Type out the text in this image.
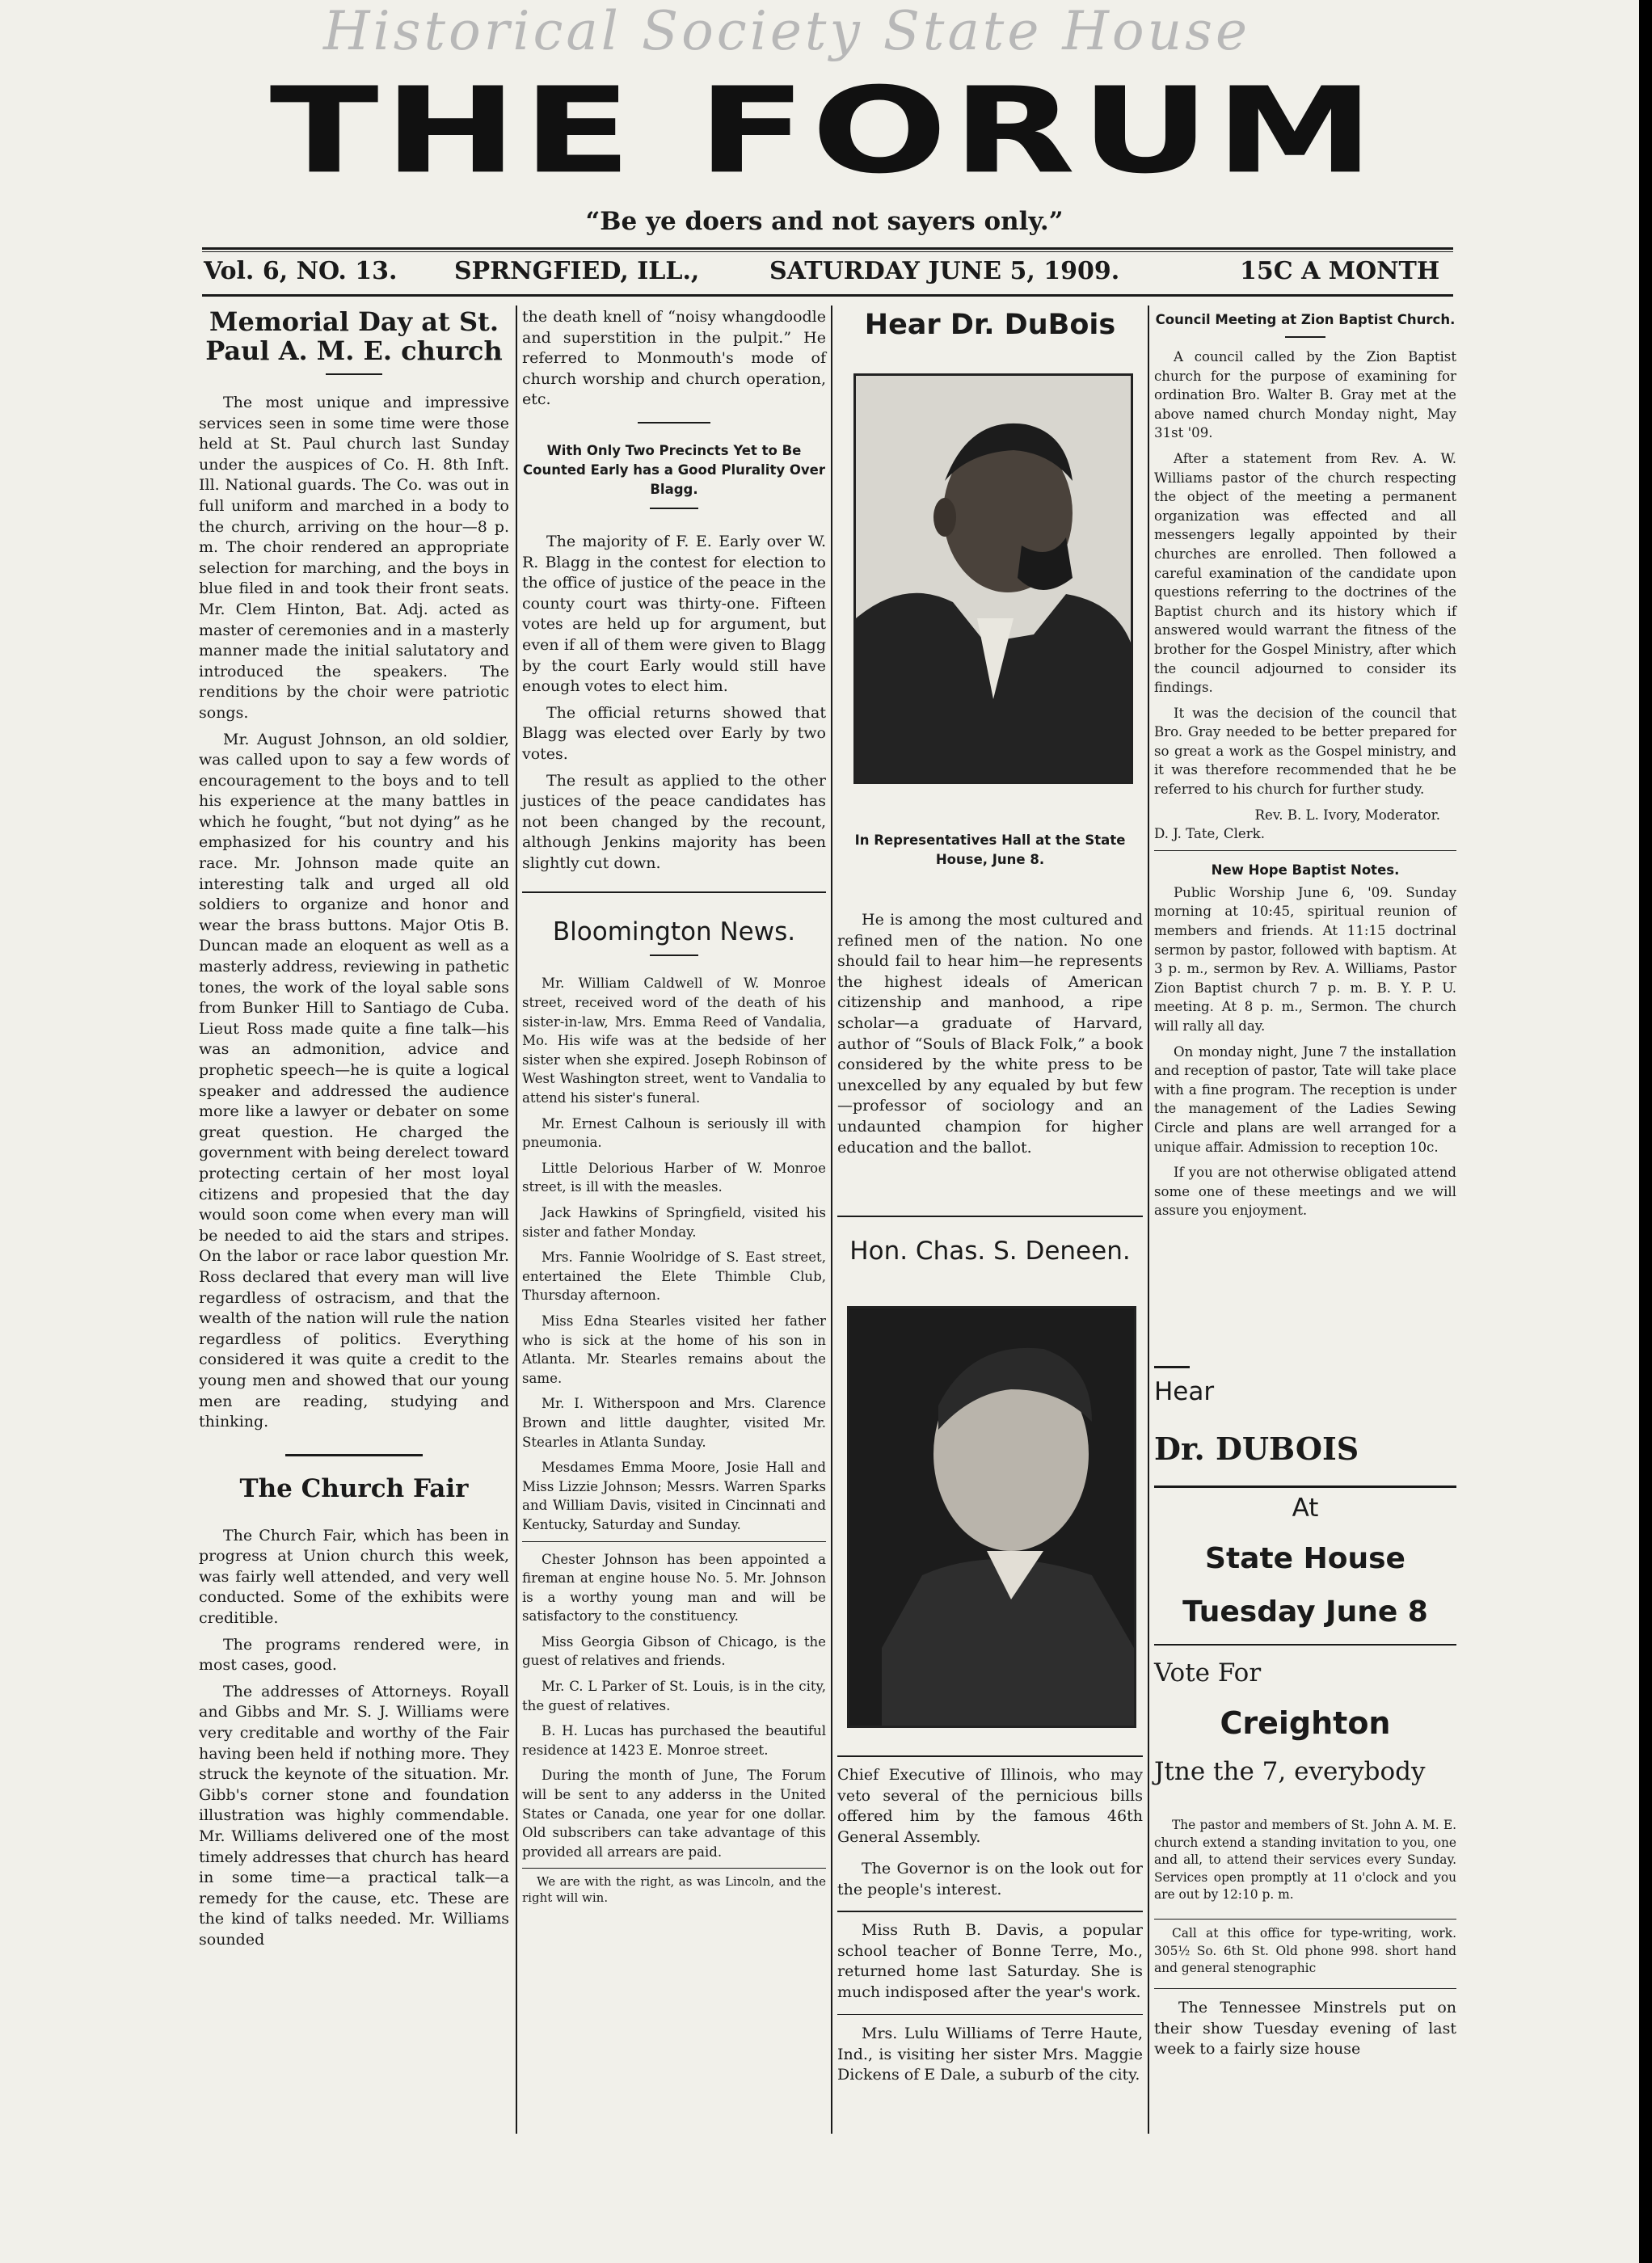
Historical Society State House
THE FORUM
“Be ye doers and not sayers only.”
Vol. 6, NO. 13. SPRNGFIED, ILL.,	SATURDAY JUNE 5, 1909.	15C A MONTH
Memorial Day at St. Paul A. M. E. church

The most unique and impressive services seen in some time were those held at St. Paul church last Sunday under the auspices of Co. H. 8th Inft. Ill. National guards. The Co. was out in full uniform and marched in a body to the church, arriving on the hour—8 p. m. The choir rendered an appropriate selection for marching, and the boys in blue filed in and took their front seats. Mr. Clem Hinton, Bat. Adj. acted as master of ceremonies and in a masterly manner made the initial salutatory and introduced the speakers. The renditions by the choir were patriotic songs.

Mr. August Johnson, an old soldier, was called upon to say a few words of encouragement to the boys and to tell his experience at the many battles in which he fought, “but not dying” as he emphasized for his country and his race. Mr. Johnson made quite an interesting talk and urged all old soldiers to organize and honor and wear the brass buttons. Major Otis B. Duncan made an eloquent as well as a masterly address, reviewing in pathetic tones, the work of the loyal sable sons from Bunker Hill to Santiago de Cuba. Lieut Ross made quite a fine talk—his was an admonition, advice and prophetic speech—he is quite a logical speaker and addressed the audience more like a lawyer or debater on some great question. He charged the government with being derelect toward protecting certain of her most loyal citizens and propesied that the day would soon come when every man will be needed to aid the stars and stripes. On the labor or race labor question Mr. Ross declared that every man will live regardless of ostracism, and that the wealth of the nation will rule the nation regardless of politics. Everything considered it was quite a credit to the young men and showed that our young men are reading, studying and thinking.

The Church Fair

The Church Fair, which has been in progress at Union church this week, was fairly well attended, and very well conducted. Some of the exhibits were creditible.

The programs rendered were, in most cases, good.

The addresses of Attorneys. Royall and Gibbs and Mr. S. J. Williams were very creditable and worthy of the Fair having been held if nothing more. They struck the keynote of the situation. Mr. Gibb's corner stone and foundation illustration was highly commendable. Mr. Williams delivered one of the most timely addresses that church has heard in some time—a practical talk—a remedy for the cause, etc. These are the kind of talks needed. Mr. Williams sounded

the death knell of “noisy whangdoodle and superstition in the pulpit.” He referred to Monmouth's mode of church worship and church operation, etc.
With Only Two Precincts Yet to Be Counted Early has a Good Plurality Over Blagg.

The majority of F. E. Early over W. R. Blagg in the contest for election to the office of justice of the peace in the county court was thirty-one. Fifteen votes are held up for argument, but even if all of them were given to Blagg by the court Early would still have enough votes to elect him.

The official returns showed that Blagg was elected over Early by two votes.

The result as applied to the other justices of the peace candidates has not been changed by the recount, although Jenkins majority has been slightly cut down.

Bloomington News.

Mr. William Caldwell of W. Monroe street, received word of the death of his sister-in-law, Mrs. Emma Reed of Vandalia, Mo. His wife was at the bedside of her sister when she expired. Joseph Robinson of West Washington street, went to Vandalia to attend his sister's funeral.

Mr. Ernest Calhoun is seriously ill with pneumonia.

Little Delorious Harber of W. Monroe street, is ill with the measles.

Jack Hawkins of Springfield, visited his sister and father Monday.

Mrs. Fannie Woolridge of S. East street, entertained the Elete Thimble Club, Thursday afternoon.

Miss Edna Stearles visited her father who is sick at the home of his son in Atlanta. Mr. Stearles remains about the same.

Mr. I. Witherspoon and Mrs. Clarence Brown and little daughter, visited Mr. Stearles in Atlanta Sunday.

Mesdames Emma Moore, Josie Hall and Miss Lizzie Johnson; Messrs. Warren Sparks and William Davis, visited in Cincinnati and Kentucky, Saturday and Sunday.

Chester Johnson has been appointed a fireman at engine house No. 5. Mr. Johnson is a worthy young man and will be satisfactory to the constituency.

Miss Georgia Gibson of Chicago, is the guest of relatives and friends.

Mr. C. L Parker of St. Louis, is in the city, the guest of relatives.

B. H. Lucas has purchased the beautiful residence at 1423 E. Monroe street.

During the month of June, The Forum will be sent to any adderss in the United States or Canada, one year for one dollar. Old subscribers can take advantage of this provided all arrears are paid.

We are with the right, as was Lincoln, and the right will win.
Hear Dr. DuBois
In Representatives Hall at the State House, June 8.
He is among the most cultured and refined men of the nation. No one should fail to hear him—he represents the highest ideals of American citizenship and manhood, a ripe scholar—a graduate of Harvard, author of “Souls of Black Folk,” a book considered by the white press to be unexcelled by any equaled by but few—professor of sociology and an undaunted champion for higher education and the ballot.
Hon. Chas. S. Deneen.
Chief Executive of Illinois, who may veto several of the pernicious bills offered him by the famous 46th General Assembly.
The Governor is on the look out for the people's interest.
Miss Ruth B. Davis, a popular school teacher of Bonne Terre, Mo., returned home last Saturday. She is much indisposed after the year's work.
Mrs. Lulu Williams of Terre Haute, Ind., is visiting her sister Mrs. Maggie Dickens of E Dale, a suburb of the city.
Council Meeting at Zion Baptist Church.

A council called by the Zion Baptist church for the purpose of examining for ordination Bro. Walter B. Gray met at the above named church Monday night, May 31st '09.

After a statement from Rev. A. W. Williams pastor of the church respecting the object of the meeting a permanent organization was effected and all messengers legally appointed by their churches are enrolled. Then followed a careful examination of the candidate upon questions referring to the doctrines of the Baptist church and its history which if answered would warrant the fitness of the brother for the Gospel Ministry, after which the council adjourned to consider its findings.

It was the decision of the council that Bro. Gray needed to be better prepared for so great a work as the Gospel ministry, and it was therefore recommended that he be referred to his church for further study.

Rev. B. L. Ivory, Moderator.
D. J. Tate, Clerk.
New Hope Baptist Notes.

Public Worship June 6, '09. Sunday morning at 10:45, spiritual reunion of members and friends. At 11:15 doctrinal sermon by pastor, followed with baptism. At 3 p. m., sermon by Rev. A. Williams, Pastor Zion Baptist church 7 p. m. B. Y. P. U. meeting. At 8 p. m., Sermon. The church will rally all day.

On monday night, June 7 the installation and reception of pastor, Tate will take place with a fine program. The reception is under the management of the Ladies Sewing Circle and plans are well arranged for a unique affair. Admission to reception 10c.

If you are not otherwise obligated attend some one of these meetings and we will assure you enjoyment.

Hear
Dr. DUBOIS
At
State House
Tuesday June 8
Vote For
Creighton
Jtne the 7, everybody
The pastor and members of St. John A. M. E. church extend a standing invitation to you, one and all, to attend their services every Sunday. Services open promptly at 11 o'clock and you are out by 12:10 p. m.
Call at this office for type-writing, work. 305½ So. 6th St. Old phone 998. short hand and general stenographic
The Tennessee Minstrels put on their show Tuesday evening of last week to a fairly size house
